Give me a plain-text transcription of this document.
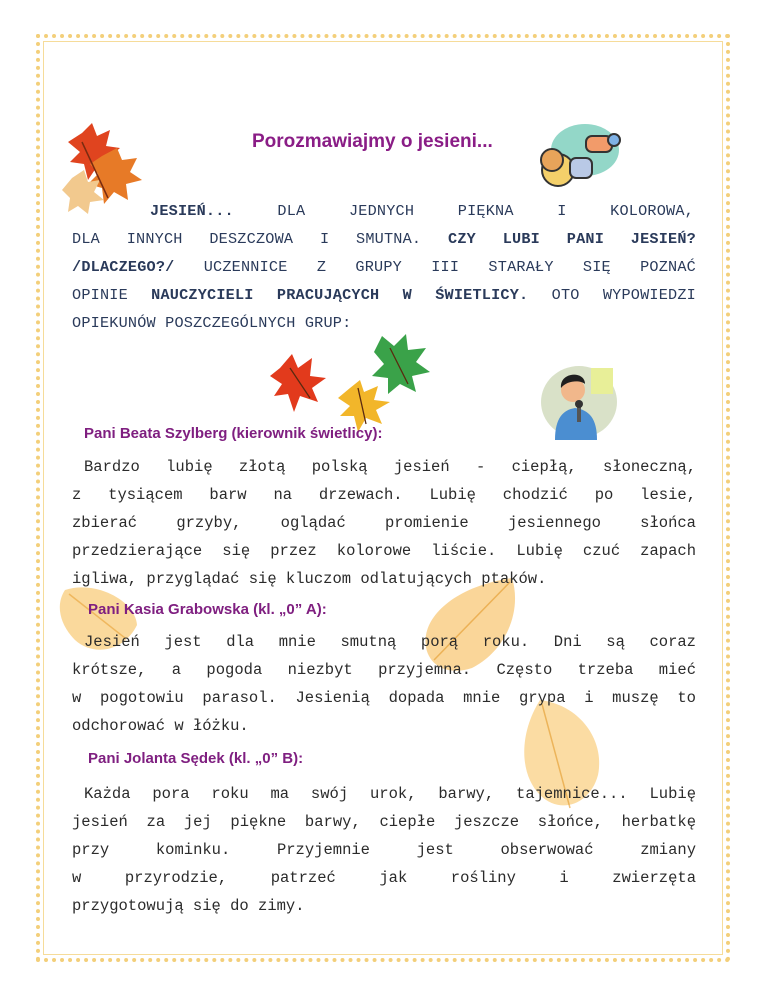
Porozmawiajmy o jesieni...
JESIEŃ...	DLA	JEDNYCH	PIĘKNA	I	KOLOROWA,
DLA INNYCH DESZCZOWA I SMUTNA. CZY LUBI PANI JESIEŃ?
/DLACZEGO?/ UCZENNICE Z GRUPY III STARAŁY SIĘ POZNAĆ
OPINIE NAUCZYCIELI PRACUJĄCYCH W ŚWIETLICY. OTO WYPOWIEDZI
OPIEKUNÓW POSZCZEGÓLNYCH GRUP:
Pani Beata Szylberg (kierownik świetlicy):
Bardzo lubię złotą polską jesień - ciepłą, słoneczną,
z tysiącem barw na drzewach. Lubię chodzić po lesie,
zbierać grzyby, oglądać promienie jesiennego słońca
przedzierające się przez kolorowe liście. Lubię czuć zapach
igliwa, przyglądać się kluczom odlatujących ptaków.
Pani Kasia Grabowska (kl. „0” A):
Jesień jest dla mnie smutną porą roku. Dni są coraz
krótsze, a pogoda niezbyt przyjemna. Często trzeba mieć
w pogotowiu parasol. Jesienią dopada mnie grypa i muszę to
odchorować w łóżku.
Pani Jolanta Sędek (kl. „0” B):
Każda pora roku ma swój urok, barwy, tajemnice... Lubię
jesień za jej piękne barwy, ciepłe jeszcze słońce, herbatkę
przy kominku. Przyjemnie jest obserwować zmiany
w przyrodzie, patrzeć jak rośliny i zwierzęta
przygotowują się do zimy.
